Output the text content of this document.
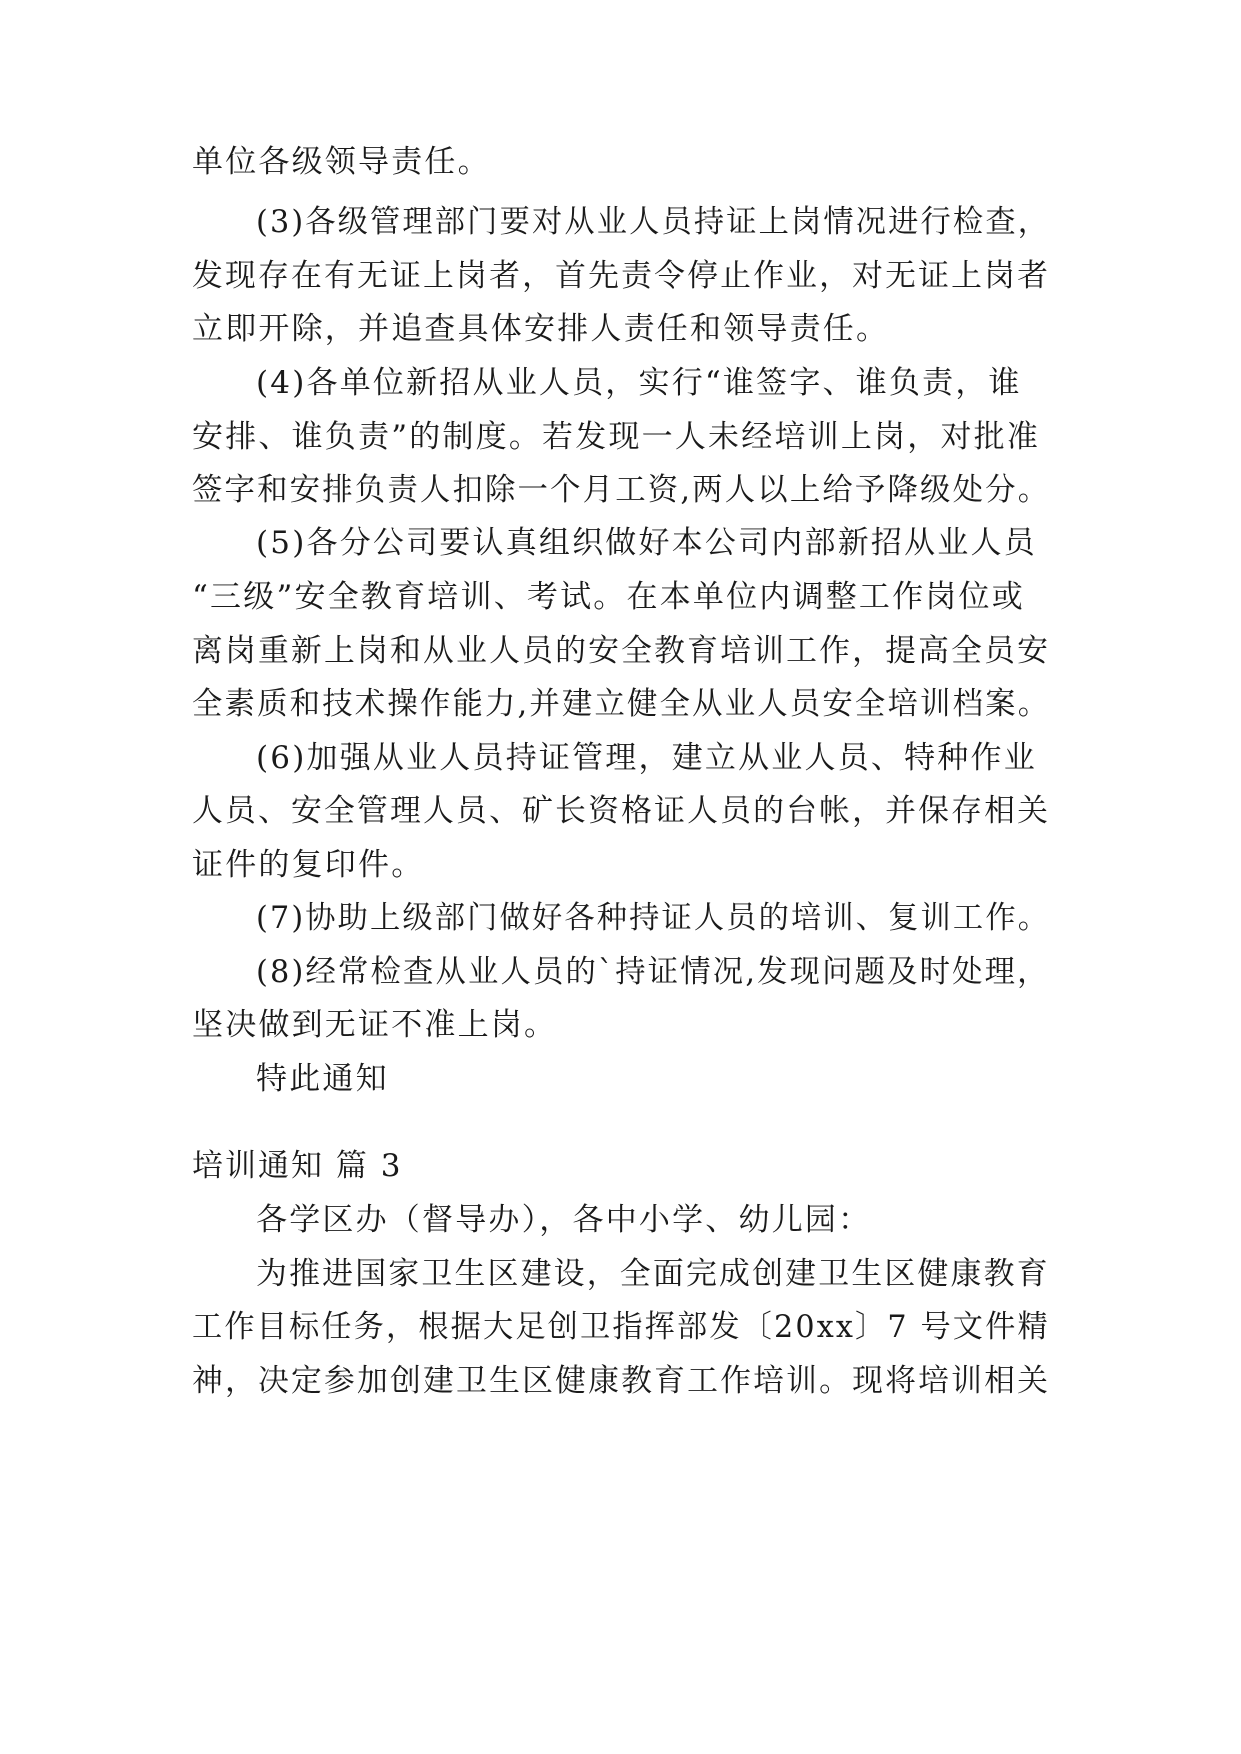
单位各级领导责任。
(3)各级管理部门要对从业人员持证上岗情况进行检查，
发现存在有无证上岗者，首先责令停止作业，对无证上岗者
立即开除，并追查具体安排人责任和领导责任。
(4)各单位新招从业人员，实行“谁签字、谁负责，谁
安排、谁负责”的制度。若发现一人未经培训上岗，对批准
签字和安排负责人扣除一个月工资,两人以上给予降级处分。
(5)各分公司要认真组织做好本公司内部新招从业人员
“三级”安全教育培训、考试。在本单位内调整工作岗位或
离岗重新上岗和从业人员的安全教育培训工作，提高全员安
全素质和技术操作能力,并建立健全从业人员安全培训档案。
(6)加强从业人员持证管理，建立从业人员、特种作业
人员、安全管理人员、矿长资格证人员的台帐，并保存相关
证件的复印件。
(7)协助上级部门做好各种持证人员的培训、复训工作。
(8)经常检查从业人员的`持证情况,发现问题及时处理，
坚决做到无证不准上岗。
特此通知
培训通知 篇 3
各学区办（督导办），各中小学、幼儿园：
为推进国家卫生区建设，全面完成创建卫生区健康教育
工作目标任务，根据大足创卫指挥部发〔20xx〕7 号文件精
神，决定参加创建卫生区健康教育工作培训。现将培训相关
